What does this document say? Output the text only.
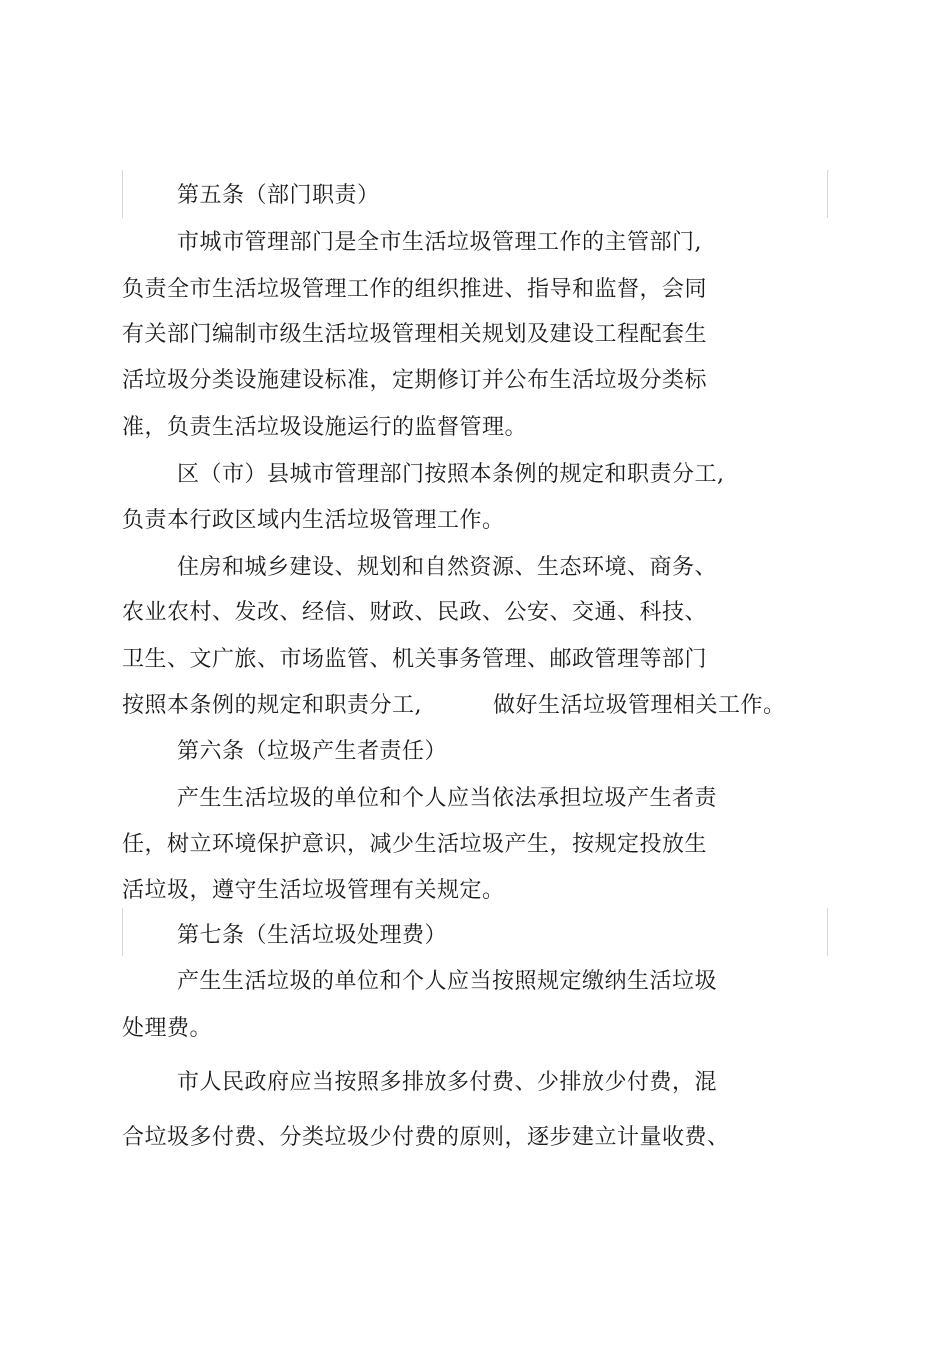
第五条（部门职责）
市城市管理部门是全市生活垃圾管理工作的主管部门,
负责全市生活垃圾管理工作的组织推进、指导和监督，会同
有关部门编制市级生活垃圾管理相关规划及建设工程配套生
活垃圾分类设施建设标准，定期修订并公布生活垃圾分类标
准，负责生活垃圾设施运行的监督管理。
区（市）县城市管理部门按照本条例的规定和职责分工,
负责本行政区域内生活垃圾管理工作。
住房和城乡建设、规划和自然资源、生态环境、商务、
农业农村、发改、经信、财政、民政、公安、交通、科技、
卫生、文广旅、市场监管、机关事务管理、邮政管理等部门
按照本条例的规定和职责分工,	做好生活垃圾管理相关工作。
第六条（垃圾产生者责任）
产生生活垃圾的单位和个人应当依法承担垃圾产生者责
任，树立环境保护意识，减少生活垃圾产生，按规定投放生
活垃圾，遵守生活垃圾管理有关规定。
第七条（生活垃圾处理费）
产生生活垃圾的单位和个人应当按照规定缴纳生活垃圾
处理费。
市人民政府应当按照多排放多付费、少排放少付费，混
合垃圾多付费、分类垃圾少付费的原则，逐步建立计量收费、
